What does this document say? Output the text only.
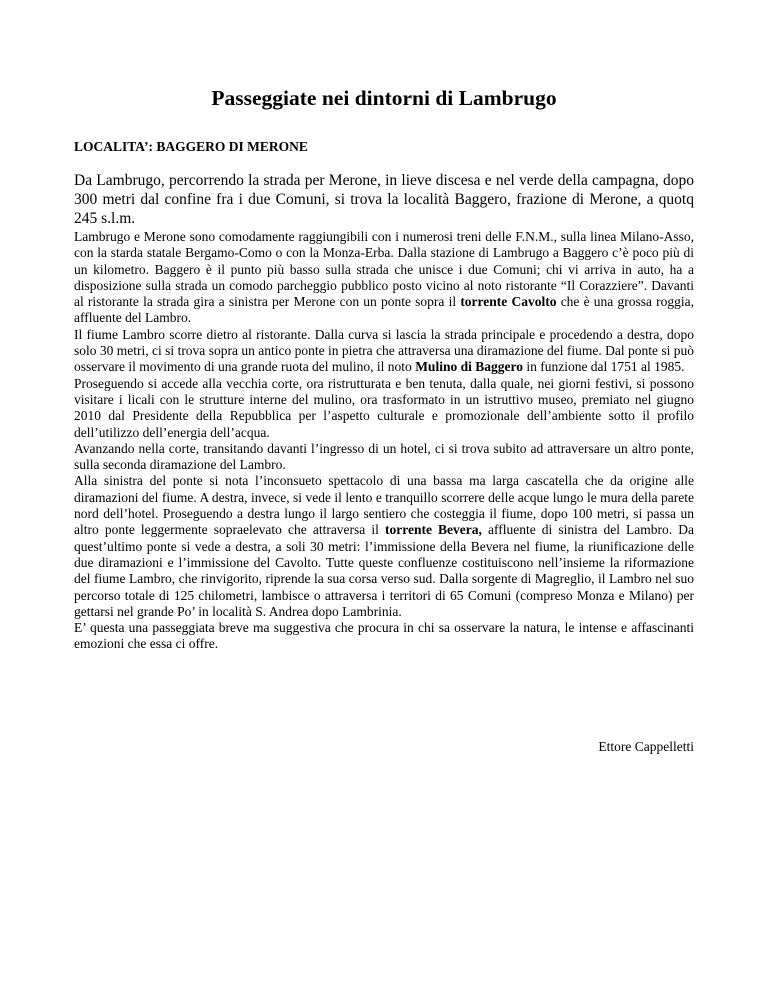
Passeggiate nei dintorni di Lambrugo
LOCALITA’: BAGGERO DI MERONE

Da Lambrugo, percorrendo la strada per Merone, in lieve discesa e nel verde della campagna, dopo 300 metri dal confine fra i due Comuni, si trova la località Baggero, frazione di Merone, a quotq 245 s.l.m.

Lambrugo e Merone sono comodamente raggiungibili con i numerosi treni delle F.N.M., sulla linea Milano-Asso, con la starda statale Bergamo-Como o con la Monza-Erba. Dalla stazione di Lambrugo a Baggero c’è poco più di un kilometro. Baggero è il punto più basso sulla strada che unisce i due Comuni; chi vi arriva in auto, ha a disposizione sulla strada un comodo parcheggio pubblico posto vicino al noto ristorante “Il Corazziere”. Davanti al ristorante la strada gira a sinistra per Merone con un ponte sopra il torrente Cavolto che è una grossa roggia, affluente del Lambro.

Il fiume Lambro scorre dietro al ristorante. Dalla curva si lascia la strada principale e procedendo a destra, dopo solo 30 metri, ci si trova sopra un antico ponte in pietra che attraversa una diramazione del fiume. Dal ponte si può osservare il movimento di una grande ruota del mulino, il noto Mulino di Baggero in funzione dal 1751 al 1985.

Proseguendo si accede alla vecchia corte, ora ristrutturata e ben tenuta, dalla quale, nei giorni festivi, si possono visitare i licali con le strutture interne del mulino, ora trasformato in un istruttivo museo, premiato nel giugno 2010 dal Presidente della Repubblica per l’aspetto culturale e promozionale dell’ambiente sotto il profilo dell’utilizzo dell’energia dell’acqua.

Avanzando nella corte, transitando davanti l’ingresso di un hotel, ci si trova subito ad attraversare un altro ponte, sulla seconda diramazione del Lambro.

Alla sinistra del ponte si nota l’inconsueto spettacolo di una bassa ma larga cascatella che da origine alle diramazioni del fiume. A destra, invece, si vede il lento e tranquillo scorrere delle acque lungo le mura della parete nord dell’hotel. Proseguendo a destra lungo il largo sentiero che costeggia il fiume, dopo 100 metri, si passa un altro ponte leggermente sopraelevato che attraversa il torrente Bevera, affluente di sinistra del Lambro. Da quest’ultimo ponte si vede a destra, a soli 30 metri: l’immissione della Bevera nel fiume, la riunificazione delle due diramazioni e l’immissione del Cavolto. Tutte queste confluenze costituiscono nell’insieme la riformazione del fiume Lambro, che rinvigorito, riprende la sua corsa verso sud. Dalla sorgente di Magreglio, il Lambro nel suo percorso totale di 125 chilometri, lambisce o attraversa i territori di 65 Comuni (compreso Monza e Milano) per gettarsi nel grande Po’ in località S. Andrea dopo Lambrinia.

E’ questa una passeggiata breve ma suggestiva che procura in chi sa osservare la natura, le intense e affascinanti emozioni che essa ci offre.

Ettore Cappelletti
